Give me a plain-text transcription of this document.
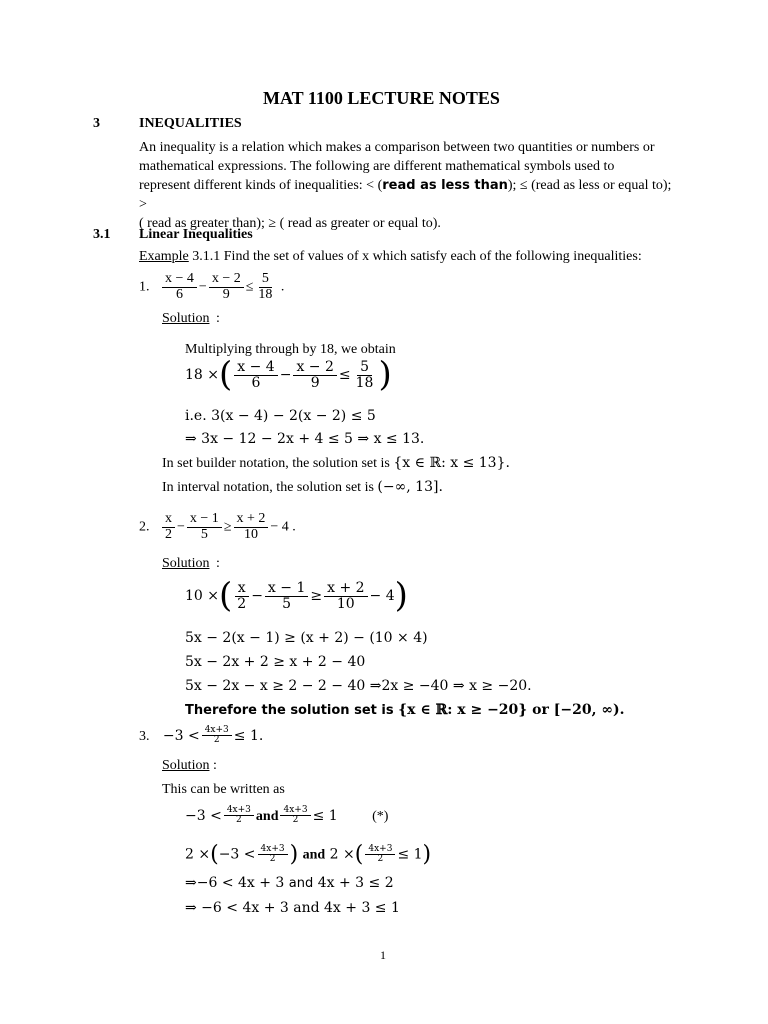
MAT 1100 LECTURE NOTES
3	INEQUALITIES

An inequality is a relation which makes a comparison between two quantities or numbers or

mathematical expressions. The following are different mathematical symbols used to

represent different kinds of inequalities: < (read as less than); ≤ (read as less or equal to); >

( read as greater than); ≥ ( read as greater or equal to).

3.1 Linear Inequalities
Example 3.1.1 Find the set of values of x which satisfy each of the following inequalities:
1. $\frac{x - 4}{6} - \frac{x - 2}{9} \le \frac{5}{18}$ .
Solution :
Multiplying through by 18, we obtain
18 ×( $\frac{x - 4}{6} - \frac{x - 2}{9} \le \frac{5}{18}$ )
i.e. 3(x − 4) − 2(x − 2) ≤ 5
⇒ 3x − 12 − 2x + 4 ≤ 5 ⇒ x ≤ 13.
In set builder notation, the solution set is {x ∈ ℝ: x ≤ 13}.
In interval notation, the solution set is (−∞, 13].
2. $\frac{x}{2} - \frac{x - 1}{5} \ge \frac{x + 2}{10} - 4$ .
Solution :
10 ×( $\frac{x}{2} - \frac{x - 1}{5} \ge \frac{x + 2}{10} - 4$)
5x − 2(x − 1) ≥ (x + 2) − (10 × 4)
5x − 2x + 2 ≥ x + 2 − 40
5x − 2x − x ≥ 2 − 2 − 40 ⇒2x ≥ −40 ⇒ x ≥ −20.
Therefore the solution set is {x ∈ ℝ: x ≥ −20} or [−20, ∞).
3. $-3 < \frac{4x+3}{2} \le 1$.
Solution :
This can be written as
$-3 < \frac{4x+3}{2}$ and $\frac{4x+3}{2} \le 1$ (*)
$2 \times(-3 < \frac{4x+3}{2}$ ) and 2 ×( $\frac{4x+3}{2} \le 1$)
⇒−6 < 4x + 3 and 4x + 3 ≤ 2
⇒ −6 < 4x + 3 and 4x + 3 ≤ 1
1
